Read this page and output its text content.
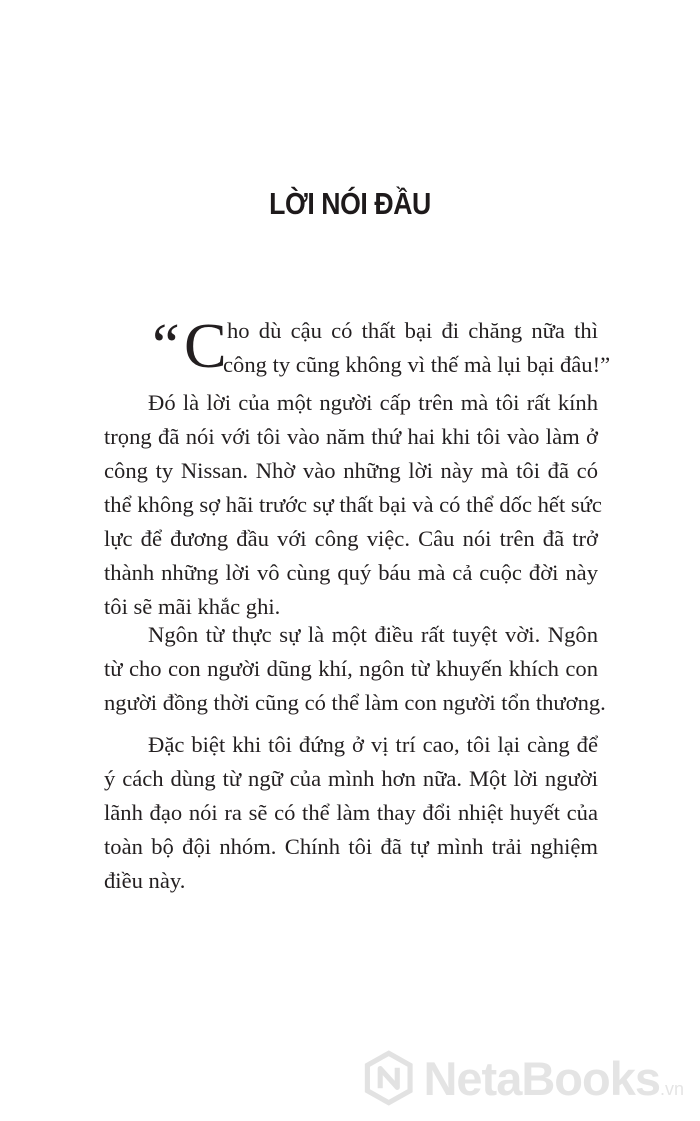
LỜI NÓI ĐẦU
“ C ho dù cậu có thất bại đi chăng nữa thì
công ty cũng không vì thế mà lụi bại đâu!”
Đó là lời của một người cấp trên mà tôi rất kính
trọng đã nói với tôi vào năm thứ hai khi tôi vào làm ở
công ty Nissan. Nhờ vào những lời này mà tôi đã có
thể không sợ hãi trước sự thất bại và có thể dốc hết sức
lực để đương đầu với công việc. Câu nói trên đã trở
thành những lời vô cùng quý báu mà cả cuộc đời này
tôi sẽ mãi khắc ghi.
Ngôn từ thực sự là một điều rất tuyệt vời. Ngôn
từ cho con người dũng khí, ngôn từ khuyến khích con
người đồng thời cũng có thể làm con người tổn thương.
Đặc biệt khi tôi đứng ở vị trí cao, tôi lại càng để
ý cách dùng từ ngữ của mình hơn nữa. Một lời người
lãnh đạo nói ra sẽ có thể làm thay đổi nhiệt huyết của
toàn bộ đội nhóm. Chính tôi đã tự mình trải nghiệm
điều này.
NetaBooks.vn
